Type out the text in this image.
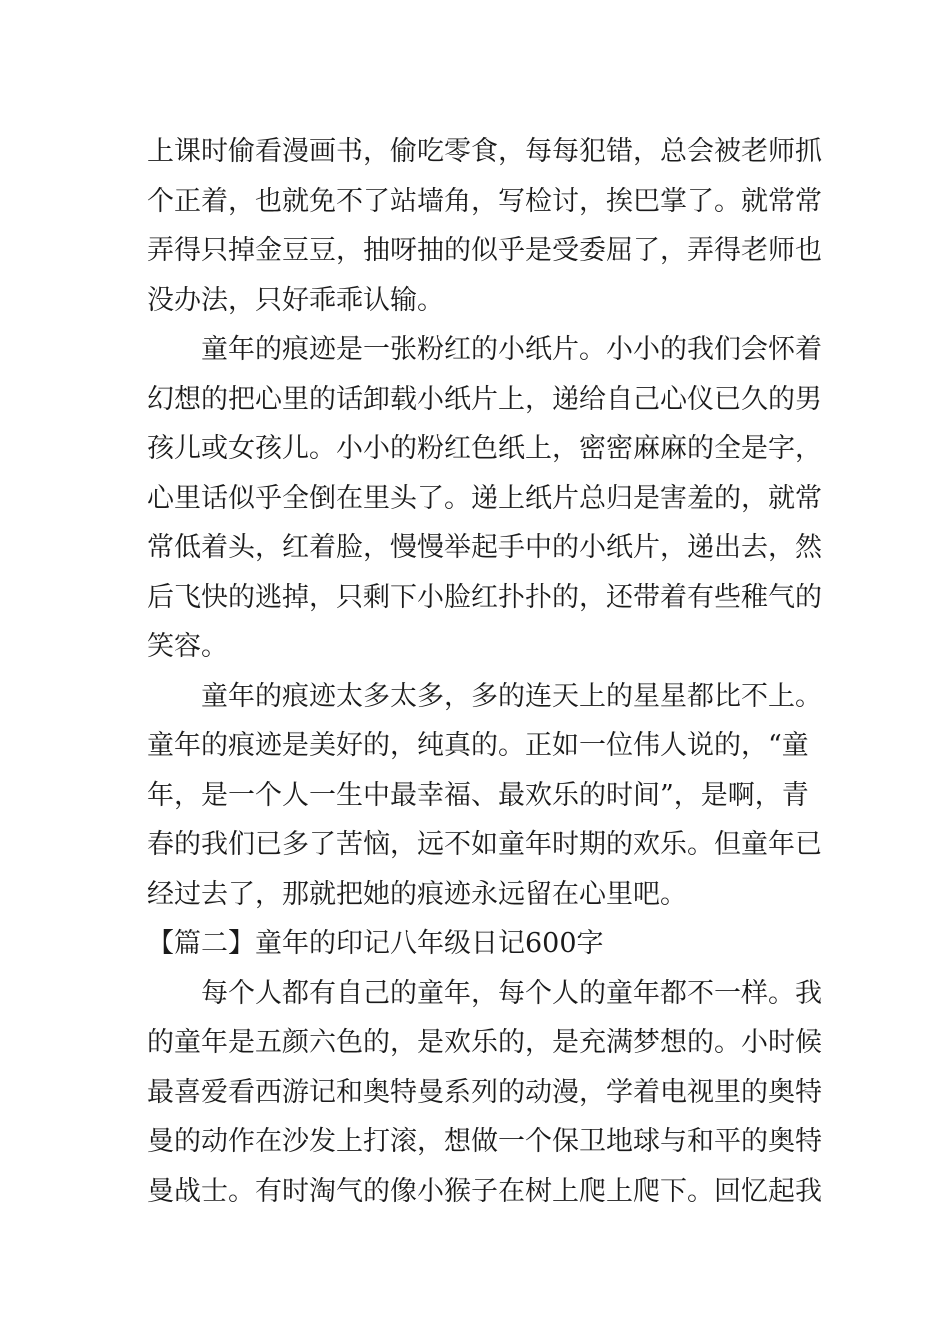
上课时偷看漫画书，偷吃零食，每每犯错，总会被老师抓
个正着，也就免不了站墙角，写检讨，挨巴掌了。就常常
弄得只掉金豆豆，抽呀抽的似乎是受委屈了，弄得老师也
没办法，只好乖乖认输。
童年的痕迹是一张粉红的小纸片。小小的我们会怀着
幻想的把心里的话卸载小纸片上，递给自己心仪已久的男
孩儿或女孩儿。小小的粉红色纸上，密密麻麻的全是字，
心里话似乎全倒在里头了。递上纸片总归是害羞的，就常
常低着头，红着脸，慢慢举起手中的小纸片，递出去，然
后飞快的逃掉，只剩下小脸红扑扑的，还带着有些稚气的
笑容。
童年的痕迹太多太多，多的连天上的星星都比不上。
童年的痕迹是美好的，纯真的。正如一位伟人说的，“童
年，是一个人一生中最幸福、最欢乐的时间”，是啊，青
春的我们已多了苦恼，远不如童年时期的欢乐。但童年已
经过去了，那就把她的痕迹永远留在心里吧。
【篇二】童年的印记八年级日记600字
每个人都有自己的童年，每个人的童年都不一样。我
的童年是五颜六色的，是欢乐的，是充满梦想的。小时候
最喜爱看西游记和奥特曼系列的动漫，学着电视里的奥特
曼的动作在沙发上打滚，想做一个保卫地球与和平的奥特
曼战士。有时淘气的像小猴子在树上爬上爬下。回忆起我
